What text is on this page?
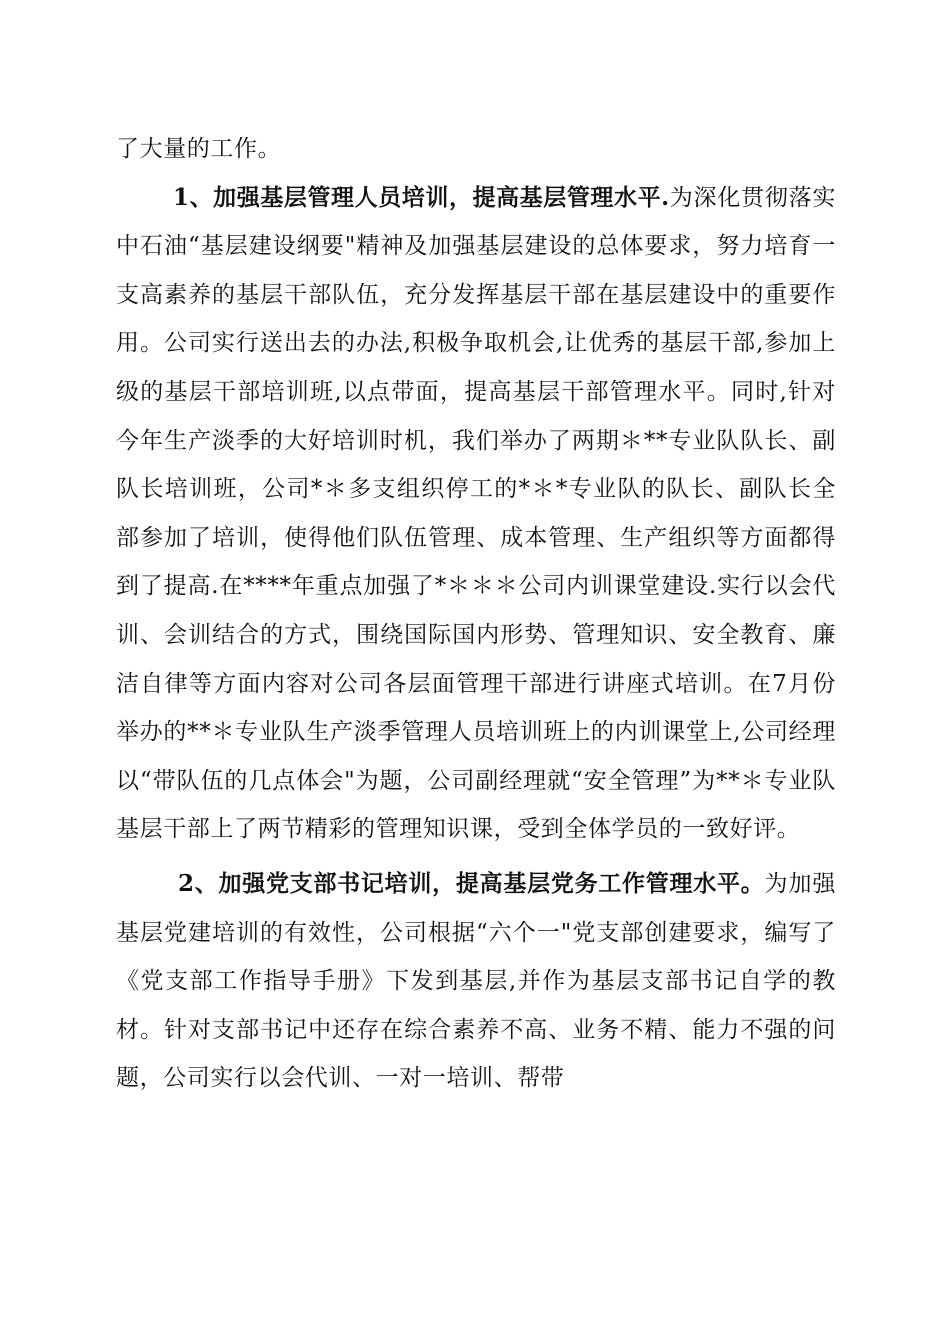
了大量的工作。

1、加强基层管理人员培训，提高基层管理水平.为深化贯彻落实中石油“基层建设纲要"精神及加强基层建设的总体要求，努力培育一支高素养的基层干部队伍，充分发挥基层干部在基层建设中的重要作用。公司实行送出去的办法,积极争取机会,让优秀的基层干部,参加上级的基层干部培训班,以点带面，提高基层干部管理水平。同时,针对今年生产淡季的大好培训时机，我们举办了两期＊**专业队队长、副队长培训班，公司*＊多支组织停工的*＊*专业队的队长、副队长全部参加了培训，使得他们队伍管理、成本管理、生产组织等方面都得到了提高.在****年重点加强了*＊＊＊公司内训课堂建设.实行以会代训、会训结合的方式，围绕国际国内形势、管理知识、安全教育、廉洁自律等方面内容对公司各层面管理干部进行讲座式培训。在7月份举办的**＊专业队生产淡季管理人员培训班上的内训课堂上,公司经理以“带队伍的几点体会"为题，公司副经理就“安全管理”为**＊专业队基层干部上了两节精彩的管理知识课，受到全体学员的一致好评。

2、加强党支部书记培训，提高基层党务工作管理水平。为加强基层党建培训的有效性，公司根据“六个一"党支部创建要求，编写了《党支部工作指导手册》下发到基层,并作为基层支部书记自学的教材。针对支部书记中还存在综合素养不高、业务不精、能力不强的问题，公司实行以会代训、一对一培训、帮带
